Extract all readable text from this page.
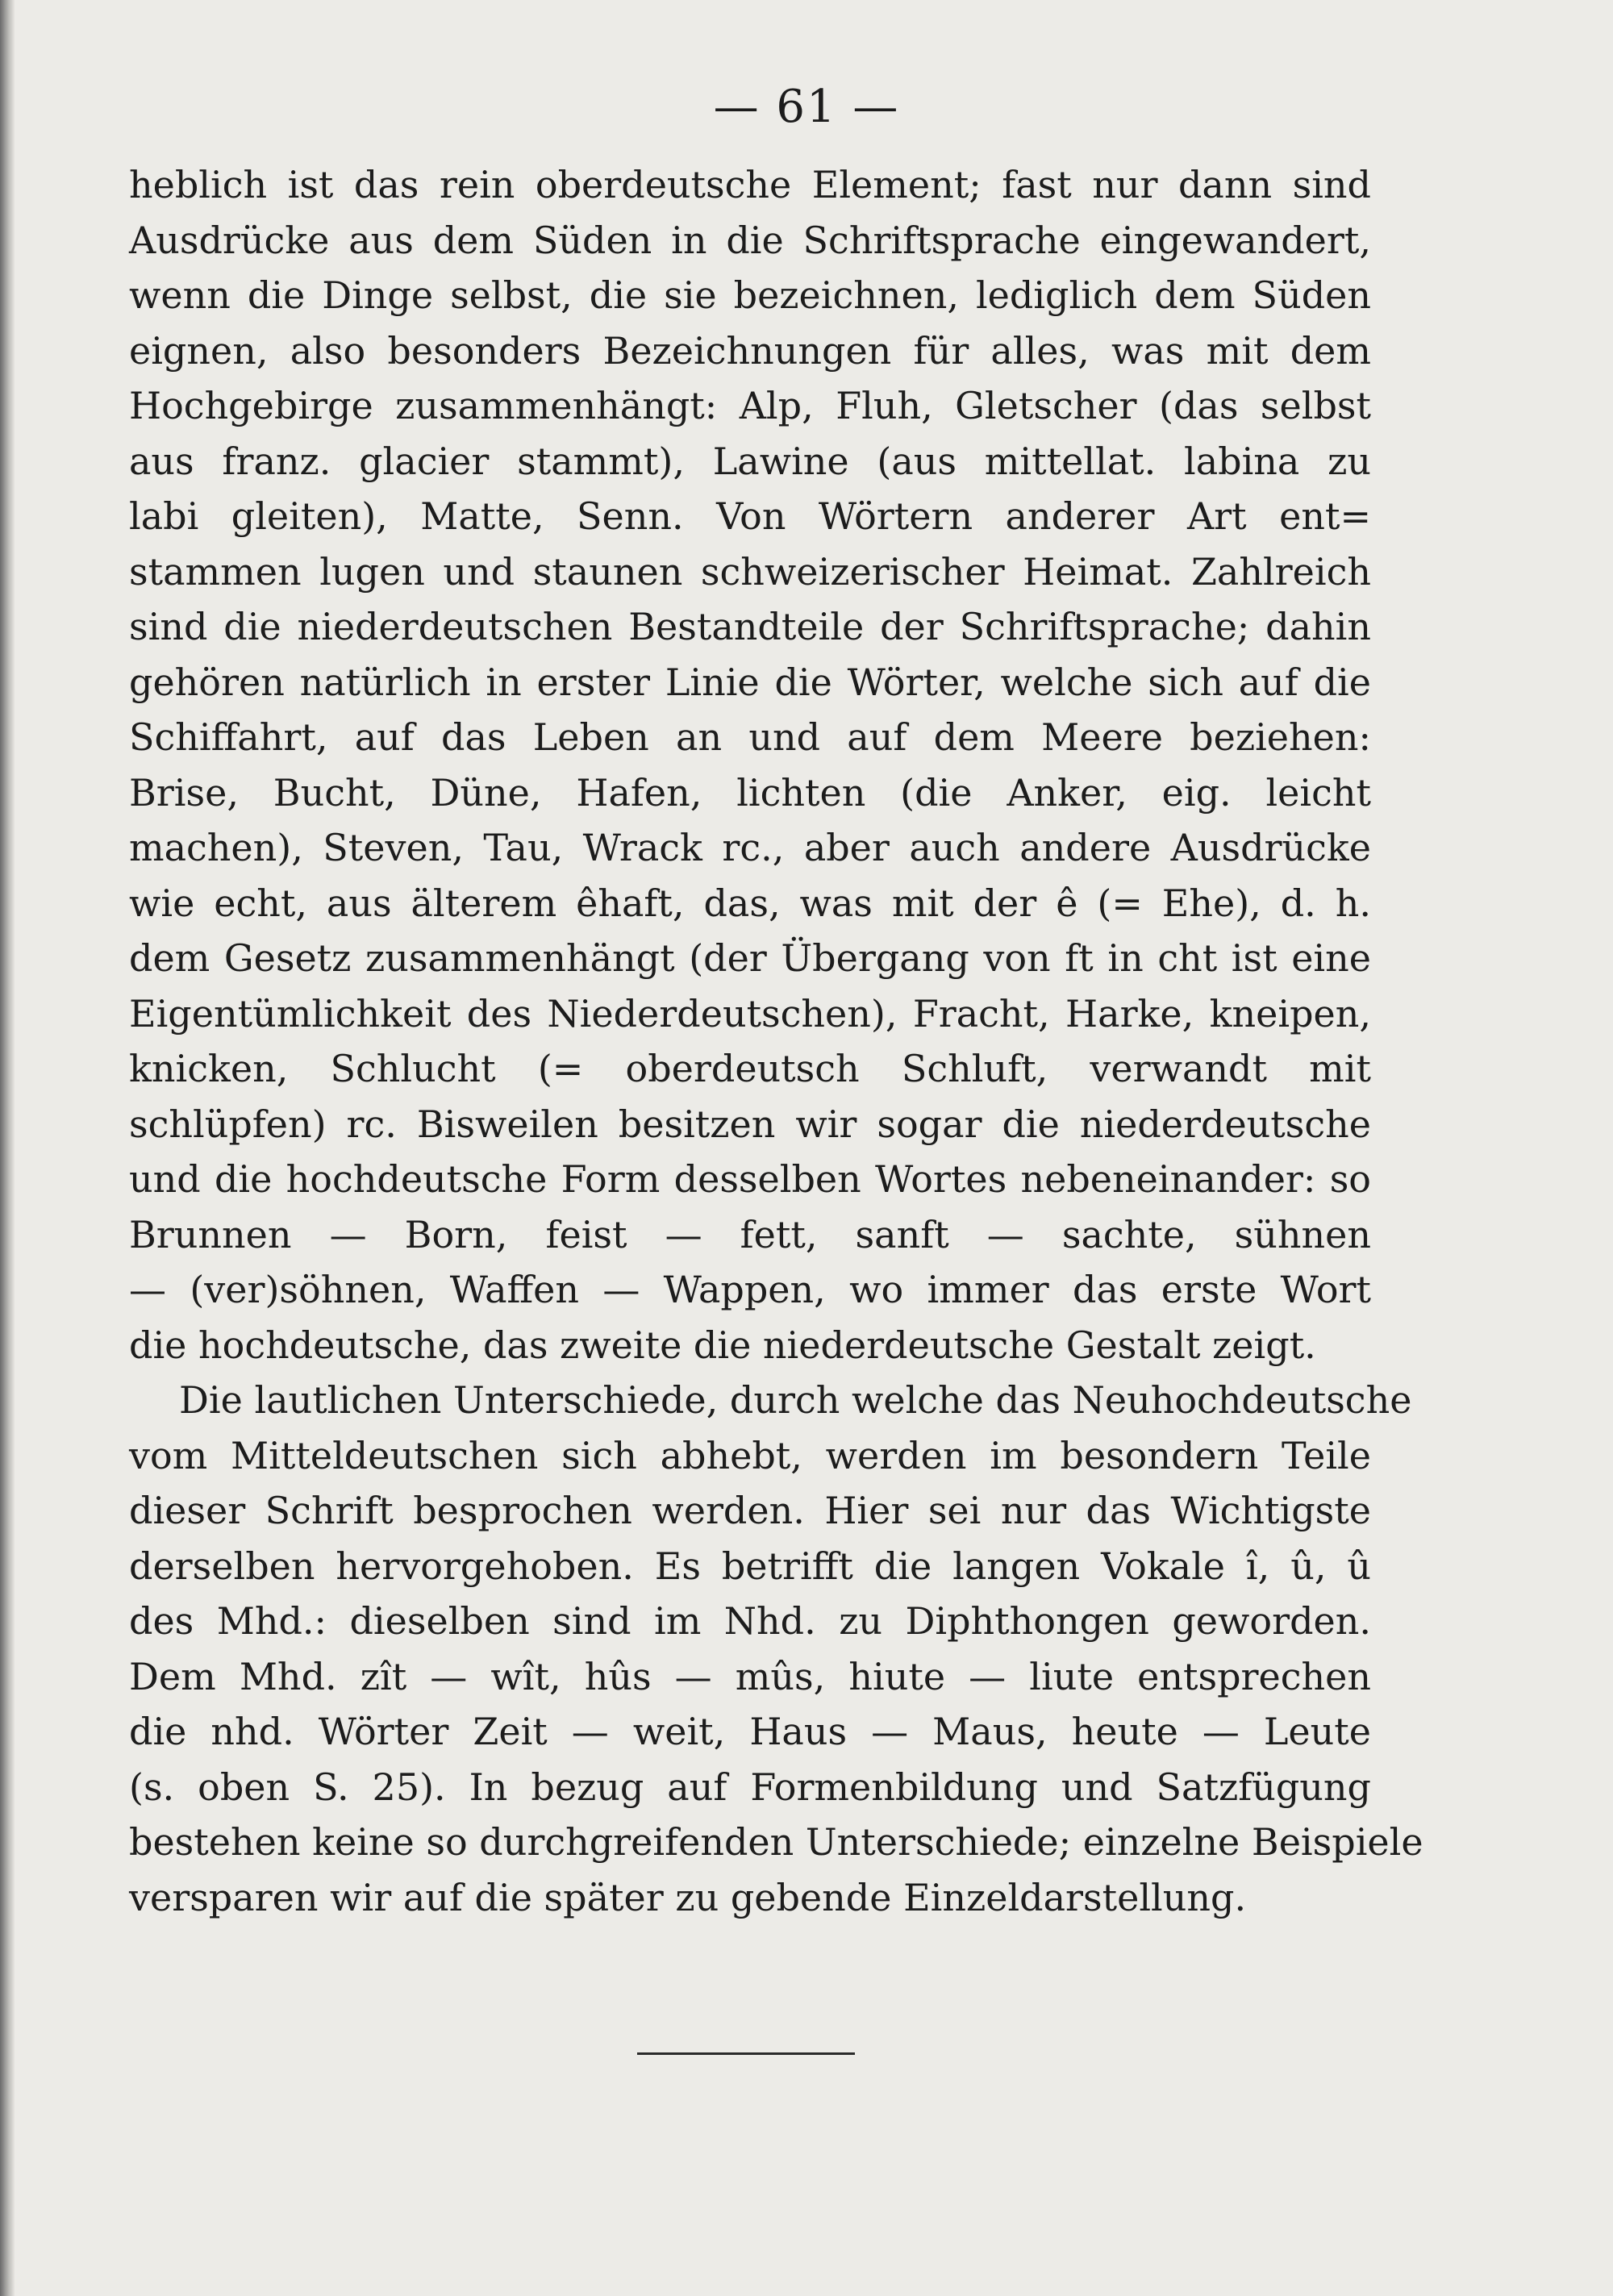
— 61 —
heblich ist das rein oberdeutsche Element; fast nur dann sind
Ausdrücke aus dem Süden in die Schriftsprache eingewandert,
wenn die Dinge selbst, die sie bezeichnen, lediglich dem Süden
eignen, also besonders Bezeichnungen für alles, was mit dem
Hochgebirge zusammenhängt: Alp, Fluh, Gletscher (das selbst
aus franz. glacier stammt), Lawine (aus mittellat. labina zu
labi gleiten), Matte, Senn. Von Wörtern anderer Art ent=
stammen lugen und staunen schweizerischer Heimat. Zahlreich
sind die niederdeutschen Bestandteile der Schriftsprache; dahin
gehören natürlich in erster Linie die Wörter, welche sich auf die
Schiffahrt, auf das Leben an und auf dem Meere beziehen:
Brise, Bucht, Düne, Hafen, lichten (die Anker, eig. leicht
machen), Steven, Tau, Wrack rc., aber auch andere Ausdrücke
wie echt, aus älterem êhaft, das, was mit der ê (= Ehe), d. h.
dem Gesetz zusammenhängt (der Übergang von ft in cht ist eine
Eigentümlichkeit des Niederdeutschen), Fracht, Harke, kneipen,
knicken, Schlucht (= oberdeutsch Schluft, verwandt mit
schlüpfen) rc. Bisweilen besitzen wir sogar die niederdeutsche
und die hochdeutsche Form desselben Wortes nebeneinander: so
Brunnen — Born, feist — fett, sanft — sachte, sühnen
— (ver)söhnen, Waffen — Wappen, wo immer das erste Wort
die hochdeutsche, das zweite die niederdeutsche Gestalt zeigt.
Die lautlichen Unterschiede, durch welche das Neuhochdeutsche
vom Mitteldeutschen sich abhebt, werden im besondern Teile
dieser Schrift besprochen werden. Hier sei nur das Wichtigste
derselben hervorgehoben. Es betrifft die langen Vokale î, û, û
des Mhd.: dieselben sind im Nhd. zu Diphthongen geworden.
Dem Mhd. zît — wît, hûs — mûs, hiute — liute entsprechen
die nhd. Wörter Zeit — weit, Haus — Maus, heute — Leute
(s. oben S. 25). In bezug auf Formenbildung und Satzfügung
bestehen keine so durchgreifenden Unterschiede; einzelne Beispiele
versparen wir auf die später zu gebende Einzeldarstellung.
